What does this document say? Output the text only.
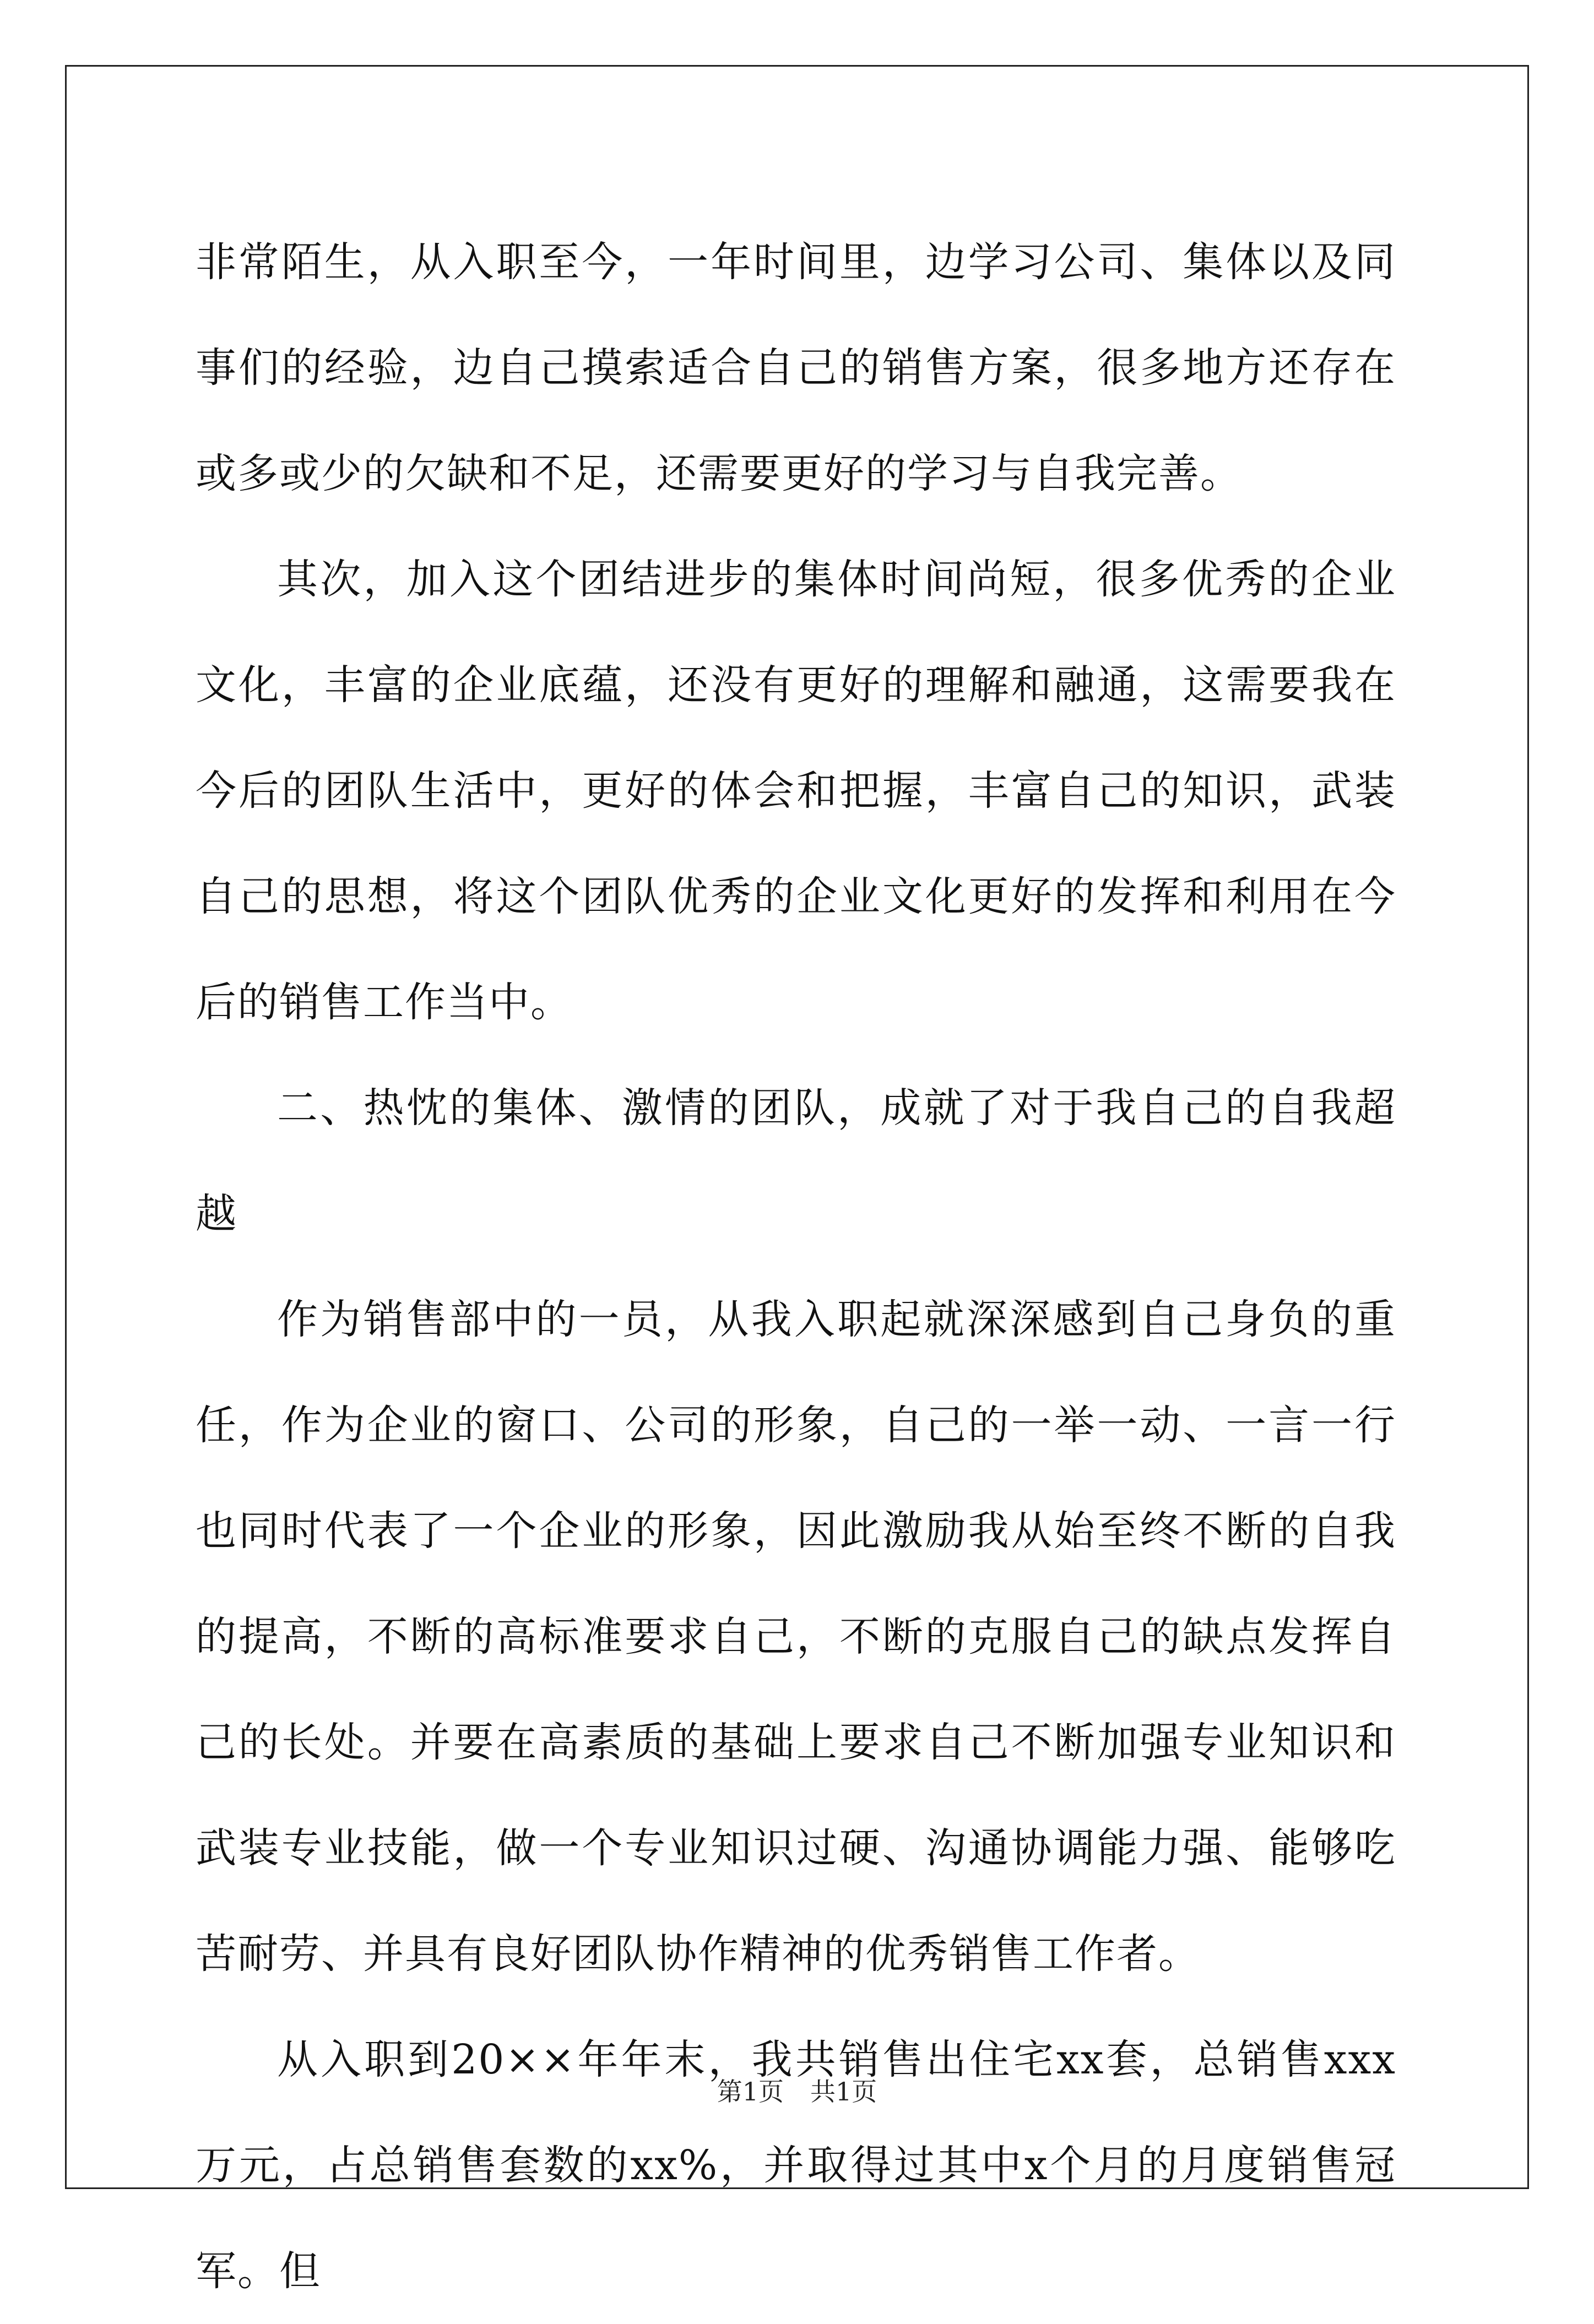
非常陌生，从入职至今，一年时间里，边学习公司、集体以及同事们的经验，边自己摸索适合自己的销售方案，很多地方还存在或多或少的欠缺和不足，还需要更好的学习与自我完善。

其次，加入这个团结进步的集体时间尚短，很多优秀的企业文化，丰富的企业底蕴，还没有更好的理解和融通，这需要我在今后的团队生活中，更好的体会和把握，丰富自己的知识，武装自己的思想，将这个团队优秀的企业文化更好的发挥和利用在今后的销售工作当中。

二、热忱的集体、激情的团队，成就了对于我自己的自我超越

作为销售部中的一员，从我入职起就深深感到自己身负的重任，作为企业的窗口、公司的形象，自己的一举一动、一言一行也同时代表了一个企业的形象，因此激励我从始至终不断的自我的提高，不断的高标准要求自己，不断的克服自己的缺点发挥自己的长处。并要在高素质的基础上要求自己不断加强专业知识和武装专业技能，做一个专业知识过硬、沟通协调能力强、能够吃苦耐劳、并具有良好团队协作精神的优秀销售工作者。

从入职到20××年年末，我共销售出住宅xx套，总销售xxx万元，占总销售套数的xx%，并取得过其中x个月的月度销售冠军。但

第1页 共1页
